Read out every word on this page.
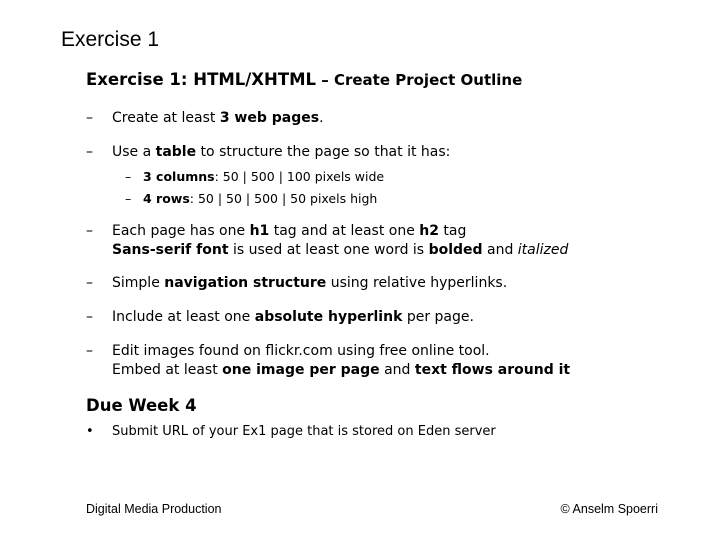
Exercise 1
Exercise 1: HTML/XHTML – Create Project Outline
– Create at least 3 web pages.
– Use a table to structure the page so that it has:
– 3 columns: 50 | 500 | 100 pixels wide
– 4 rows: 50 | 50 | 500 | 50 pixels high
– Each page has one h1 tag and at least one h2 tag
Sans-serif font is used at least one word is bolded and italized
– Simple navigation structure using relative hyperlinks.
– Include at least one absolute hyperlink per page.
– Edit images found on flickr.com using free online tool.
Embed at least one image per page and text flows around it
Due Week 4
• Submit URL of your Ex1 page that is stored on Eden server
Digital Media Production	© Anselm Spoerri
